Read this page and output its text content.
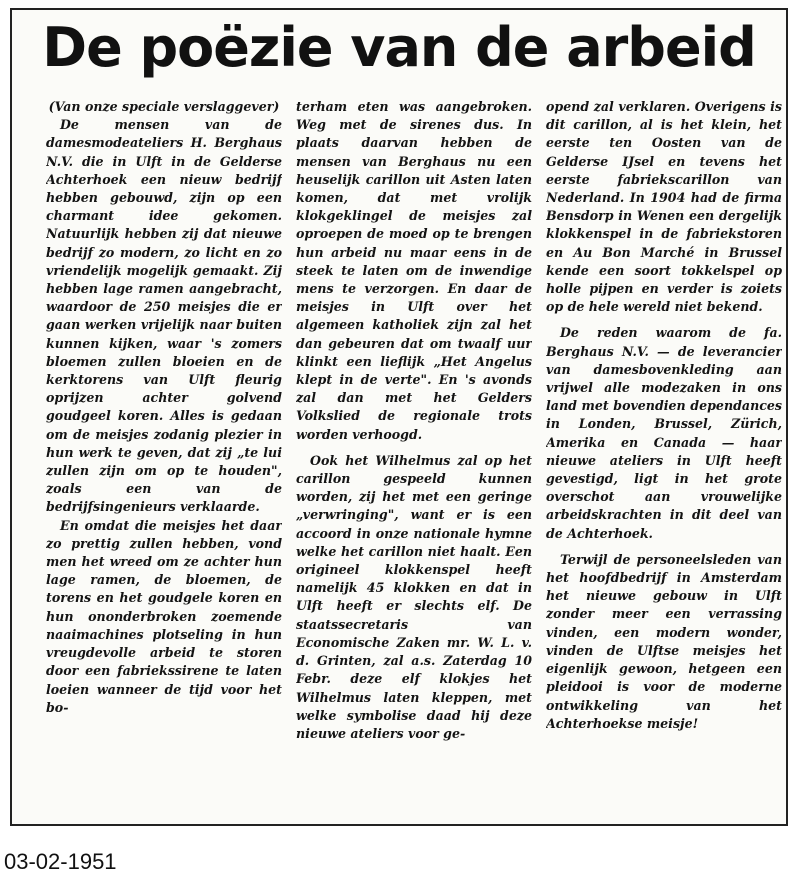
De poëzie van de arbeid

(Van onze speciale verslaggever)

De mensen van de damesmodeateliers H. Berghaus N.V. die in Ulft in de Gelderse Achterhoek een nieuw bedrijf hebben gebouwd, zijn op een charmant idee gekomen. Natuurlijk hebben zij dat nieuwe bedrijf zo modern, zo licht en zo vriendelijk mogelijk gemaakt. Zij hebben lage ramen aangebracht, waardoor de 250 meisjes die er gaan werken vrijelijk naar buiten kunnen kijken, waar 's zomers bloemen zullen bloeien en de kerktorens van Ulft fleurig oprijzen achter golvend goudgeel koren. Alles is gedaan om de meisjes zodanig plezier in hun werk te geven, dat zij „te lui zullen zijn om op te houden", zoals een van de bedrijfsingenieurs verklaarde.

En omdat die meisjes het daar zo prettig zullen hebben, vond men het wreed om ze achter hun lage ramen, de bloemen, de torens en het goudgele koren en hun ononderbroken zoemende naaimachines plotseling in hun vreugdevolle arbeid te storen door een fabriekssirene te laten loeien wanneer de tijd voor het bo-

terham eten was aangebroken. Weg met de sirenes dus. In plaats daarvan hebben de mensen van Berghaus nu een heuselijk carillon uit Asten laten komen, dat met vrolijk klokgeklingel de meisjes zal oproepen de moed op te brengen hun arbeid nu maar eens in de steek te laten om de inwendige mens te verzorgen. En daar de meisjes in Ulft over het algemeen katholiek zijn zal het dan gebeuren dat om twaalf uur klinkt een lieflijk „Het Angelus klept in de verte". En 's avonds zal dan met het Gelders Volkslied de regionale trots worden verhoogd.

Ook het Wilhelmus zal op het carillon gespeeld kunnen worden, zij het met een geringe „verwringing", want er is een accoord in onze nationale hymne welke het carillon niet haalt. Een origineel klokkenspel heeft namelijk 45 klokken en dat in Ulft heeft er slechts elf. De staatssecretaris van Economische Zaken mr. W. L. v. d. Grinten, zal a.s. Zaterdag 10 Febr. deze elf klokjes het Wilhelmus laten kleppen, met welke symbolise daad hij deze nieuwe ateliers voor ge-

opend zal verklaren. Overigens is dit carillon, al is het klein, het eerste ten Oosten van de Gelderse IJsel en tevens het eerste fabriekscarillon van Nederland. In 1904 had de firma Bensdorp in Wenen een dergelijk klokkenspel in de fabriekstoren en Au Bon Marché in Brussel kende een soort tokkelspel op holle pijpen en verder is zoiets op de hele wereld niet bekend.

De reden waarom de fa. Berghaus N.V. — de leverancier van damesbovenkleding aan vrijwel alle modezaken in ons land met bovendien dependances in Londen, Brussel, Zürich, Amerika en Canada — haar nieuwe ateliers in Ulft heeft gevestigd, ligt in het grote overschot aan vrouwelijke arbeidskrachten in dit deel van de Achterhoek.

Terwijl de personeelsleden van het hoofdbedrijf in Amsterdam het nieuwe gebouw in Ulft zonder meer een verrassing vinden, een modern wonder, vinden de Ulftse meisjes het eigenlijk gewoon, hetgeen een pleidooi is voor de moderne ontwikkeling van het Achterhoekse meisje!

03-02-1951
